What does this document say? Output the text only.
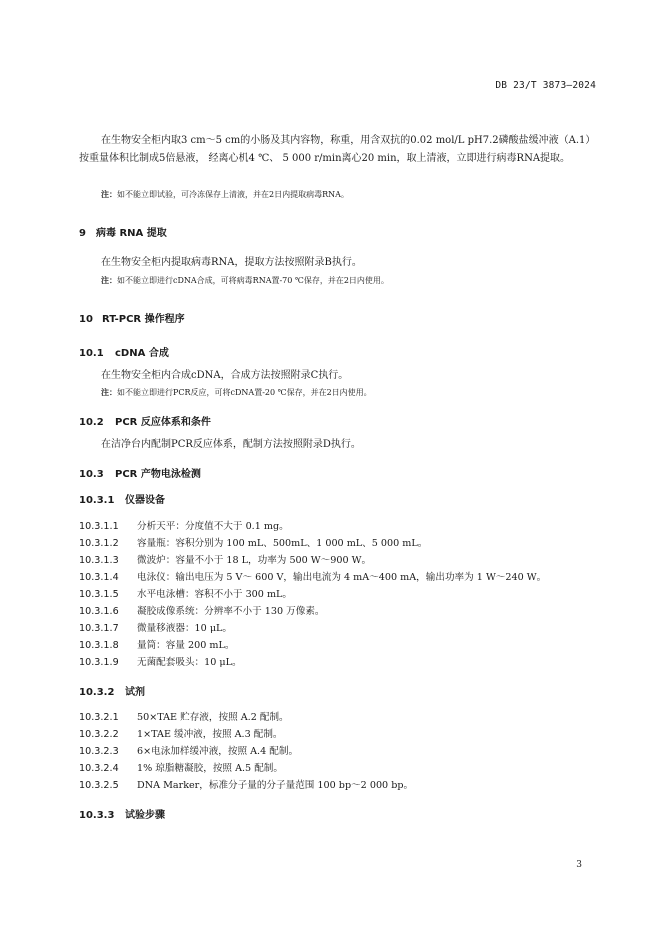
DB 23/T 3873—2024
在生物安全柜内取3 cm～5 cm的小肠及其内容物，称重，用含双抗的0.02 mol/L pH7.2磷酸盐缓冲液（A.1）按重量体积比制成5倍悬液， 经离心机4 ℃、 5 000 r/min离心20 min，取上清液，立即进行病毒RNA提取。
注：如不能立即试验，可冷冻保存上清液，并在2日内提取病毒RNA。
9 病毒 RNA 提取
在生物安全柜内提取病毒RNA，提取方法按照附录B执行。
注：如不能立即进行cDNA合成，可将病毒RNA置-70 ℃保存，并在2日内使用。
10 RT-PCR 操作程序
10.1 cDNA 合成
在生物安全柜内合成cDNA，合成方法按照附录C执行。
注：如不能立即进行PCR反应，可将cDNA置-20 ℃保存，并在2日内使用。
10.2 PCR 反应体系和条件
在洁净台内配制PCR反应体系，配制方法按照附录D执行。
10.3 PCR 产物电泳检测
10.3.1 仪器设备
10.3.1.1 分析天平：分度值不大于 0.1 mg。
10.3.1.2 容量瓶：容积分别为 100 mL、500mL、1 000 mL、5 000 mL。
10.3.1.3 微波炉：容量不小于 18 L，功率为 500 W～900 W。
10.3.1.4 电泳仪：输出电压为 5 V～ 600 V，输出电流为 4 mA～400 mA，输出功率为 1 W～240 W。
10.3.1.5 水平电泳槽：容积不小于 300 mL。
10.3.1.6 凝胶成像系统：分辨率不小于 130 万像素。
10.3.1.7 微量移液器：10 μL。
10.3.1.8 量筒：容量 200 mL。
10.3.1.9 无菌配套吸头：10 μL。
10.3.2 试剂
10.3.2.1 50×TAE 贮存液，按照 A.2 配制。
10.3.2.2 1×TAE 缓冲液，按照 A.3 配制。
10.3.2.3 6×电泳加样缓冲液，按照 A.4 配制。
10.3.2.4 1% 琼脂糖凝胶，按照 A.5 配制。
10.3.2.5 DNA Marker，标准分子量的分子量范围 100 bp～2 000 bp。
10.3.3 试验步骤
3
